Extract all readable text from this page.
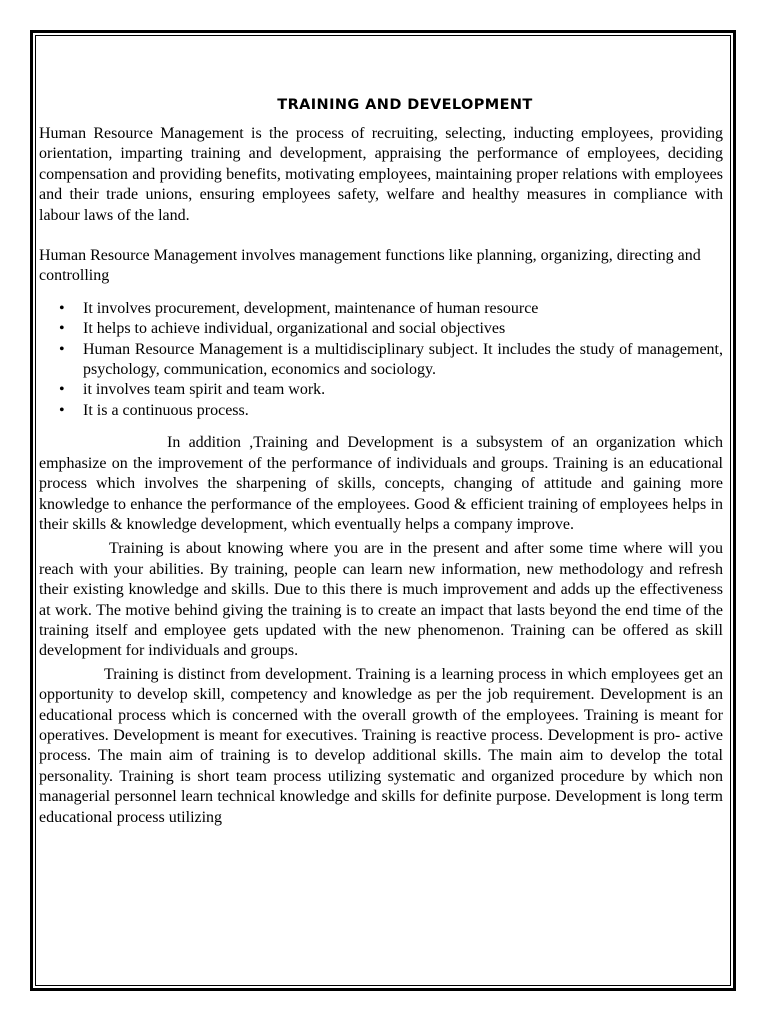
TRAINING AND DEVELOPMENT

Human Resource Management is the process of recruiting, selecting, inducting employees, providing orientation, imparting training and development, appraising the performance of employees, deciding compensation and providing benefits, motivating employees, maintaining proper relations with employees and their trade unions, ensuring employees safety, welfare and healthy measures in compliance with labour laws of the land.

Human Resource Management involves management functions like planning, organizing, directing and controlling

• It involves procurement, development, maintenance of human resource
• It helps to achieve individual, organizational and social objectives
• Human Resource Management is a multidisciplinary subject. It includes the study of management, psychology, communication, economics and sociology.
• it involves team spirit and team work.
• It is a continuous process.

In addition ,Training and Development is a subsystem of an organization which emphasize on the improvement of the performance of individuals and groups. Training is an educational process which involves the sharpening of skills, concepts, changing of attitude and gaining more knowledge to enhance the performance of the employees. Good & efficient training of employees helps in their skills & knowledge development, which eventually helps a company improve.

Training is about knowing where you are in the present and after some time where will you reach with your abilities. By training, people can learn new information, new methodology and refresh their existing knowledge and skills. Due to this there is much improvement and adds up the effectiveness at work. The motive behind giving the training is to create an impact that lasts beyond the end time of the training itself and employee gets updated with the new phenomenon. Training can be offered as skill development for individuals and groups.

Training is distinct from development. Training is a learning process in which employees get an opportunity to develop skill, competency and knowledge as per the job requirement. Development is an educational process which is concerned with the overall growth of the employees. Training is meant for operatives. Development is meant for executives. Training is reactive process. Development is pro- active process. The main aim of training is to develop additional skills. The main aim to develop the total personality. Training is short team process utilizing systematic and organized procedure by which non managerial personnel learn technical knowledge and skills for definite purpose. Development is long term educational process utilizing
